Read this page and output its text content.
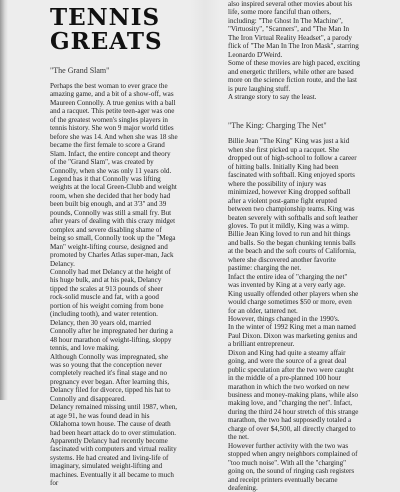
TENNIS
GREATS
"The Grand Slam"

Perhaps the best woman to ever grace the amazing game, and a bit of a show-off, was Maureen Connolly. A true genius with a ball and a racquet. This petite teen-ager was one of the greatest women's singles players in tennis history. She won 9 major world titles before she was 14. And when she was 18 she became the first female to score a Grand Slam. Infact, the entire concept and theory of the "Grand Slam", was created by Connolly, when she was only 11 years old.

Legend has it that Connolly was lifting weights at the local Green-Clubb and weight room, when she decided that her body had been built big enough, and at 3'3" and 39 pounds, Connolly was still a small fry. But after years of dealing with this crazy midget complex and severe disabling shame of being so small, Connolly took up the "Mega Man" weight-lifting course, designed and promoted by Charles Atlas super-man, Jack Delancy.

Connolly had met Delancy at the height of his huge bulk, and at his peak, Delancy tipped the scales at 913 pounds of sheer rock-solid muscle and fat, with a good portion of his weight coming from bone (including tooth), and water retention.

Delancy, then 30 years old, married Connolly after he impregnated her during a 48 hour marathon of weight-lifting, sloppy tennis, and love making.

Although Connolly was impregnated, she was so young that the conception never completely reached it's final stage and no pregnancy ever began. After learning this, Delancy filed for divorce, tipped his hat to Connolly and disappeared.

Delancy remained missing until 1987, when, at age 91, he was found dead in his Oklahoma town house. The cause of death had been heart attack do to over stimulation. Apparently Delancy had recently become fascinated with computers and virtual reality systems. He had created and living-life of imaginary, simulated weight-lifting and machines. Eventually it all became to much for

also inspired several other movies about his life, some more fanciful than others, including: "The Ghost In The Machine", "Virtuosity", "Scanners", and "The Man In The Iron Virtual Reality Headset", a parody flick of "The Man In The Iron Mask", starring Leonardo D'Weird.

Some of these movies are high paced, exciting and energetic thrillers, while other are based more on the science fiction route, and the last is pure laughing stuff.

A strange story to say the least.

"The King: Charging The Net"

Billie Jean "The King" King was just a kid when she first picked up a racquet. She dropped out of high-school to follow a career of hitting balls. Initially King had been fascinated with softball. King enjoyed sports where the possibility of injury was minimized, however King dropped softball after a violent post-game fight erupted between two championship teams. King was beaten severely with softballs and soft leather gloves. To put it mildly, King was a wimp.

Billie Jean King loved to run and hit things and balls. So the began chunking tennis balls at the beach and the soft courts of California, where she discovered another favorite pastime: charging the net.

Infact the entire idea of "charging the net" was invented by King at a very early age. King usually offended other players when she would charge sometimes $50 or more, even for an older, tattered net.

However, things changed in the 1990's.

In the winter of 1992 King met a man named Paul Dixon. Dixon was marketing genius and a brilliant entrepreneur.

Dixon and King had quite a steamy affair going, and were the source of a great deal public speculation after the two were caught in the middle of a pre-planned 100 hour marathon in which the two worked on new business and money-making plans, while also making love, and "charging the net". Infact, during the third 24 hour stretch of this strange marathon, the two had supposedly totaled a charge of over $4,500, all directly charged to the net.

However further activity with the two was stopped when angry neighbors complained of "too much noise". With all the "charging" going on, the sound of ringing cash registers and receipt printers eventually became deafening.
